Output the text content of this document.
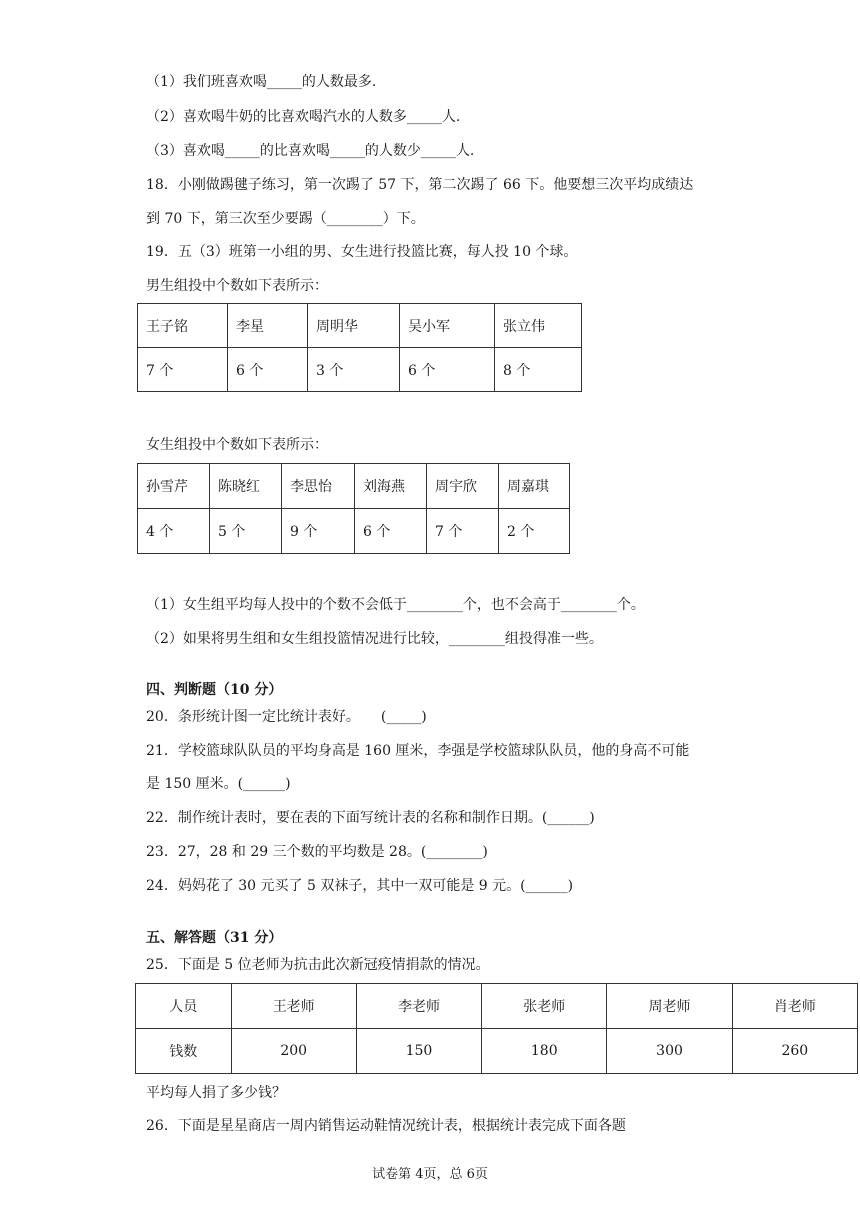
（1）我们班喜欢喝_____的人数最多.
（2）喜欢喝牛奶的比喜欢喝汽水的人数多_____人.
（3）喜欢喝_____的比喜欢喝_____的人数少_____人.
18．小刚做踢毽子练习，第一次踢了 57 下，第二次踢了 66 下。他要想三次平均成绩达
到 70 下，第三次至少要踢（________）下。
19．五（3）班第一小组的男、女生进行投篮比赛，每人投 10 个球。
男生组投中个数如下表所示：
王子铭	李星	周明华	吴小军	张立伟
7 个	6 个	3 个	6 个	8 个
女生组投中个数如下表所示：
孙雪芹	陈晓红	李思怡	刘海燕	周宇欣	周嘉琪
4 个	5 个	9 个	6 个	7 个	2 个
（1）女生组平均每人投中的个数不会低于________个，也不会高于________个。
（2）如果将男生组和女生组投篮情况进行比较，________组投得准一些。
四、判断题（10 分）
20．条形统计图一定比统计表好。　　(_____)
21．学校篮球队队员的平均身高是 160 厘米，李强是学校篮球队队员，他的身高不可能
是 150 厘米。(______)
22．制作统计表时，要在表的下面写统计表的名称和制作日期。(______)
23．27，28 和 29 三个数的平均数是 28。(________)
24．妈妈花了 30 元买了 5 双袜子，其中一双可能是 9 元。(______)
五、解答题（31 分）
25．下面是 5 位老师为抗击此次新冠疫情捐款的情况。
人员	王老师	李老师	张老师	周老师	肖老师
钱数	200	150	180	300	260
平均每人捐了多少钱？
26．下面是星星商店一周内销售运动鞋情况统计表，根据统计表完成下面各题
试卷第 4页，总 6页
